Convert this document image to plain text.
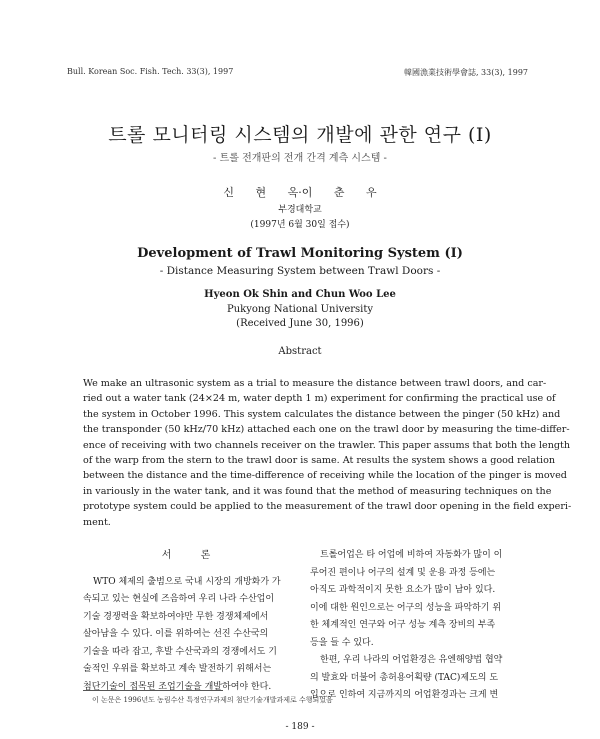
Bull. Korean Soc. Fish. Tech. 33(3), 1997	韓國漁業技術學會誌, 33(3), 1997
트롤 모니터링 시스템의 개발에 관한 연구 (Ⅰ)
- 트롤 전개판의 전개 간격 계측 시스템 -
신 현 옥·이 춘 우
부경대학교
(1997년 6월 30일 접수)
Development of Trawl Monitoring System (Ⅰ)
- Distance Measuring System between Trawl Doors -
Hyeon Ok Shin and Chun Woo Lee
Pukyong National University
(Received June 30, 1996)
Abstract
We make an ultrasonic system as a trial to measure the distance between trawl doors, and car-
ried out a water tank (24×24 m, water depth 1 m) experiment for confirming the practical use of
the system in October 1996. This system calculates the distance between the pinger (50 kHz) and
the transponder (50 kHz/70 kHz) attached each one on the trawl door by measuring the time-differ-
ence of receiving with two channels receiver on the trawler. This paper assums that both the length
of the warp from the stern to the trawl door is same. At results the system shows a good relation
between the distance and the time-difference of receiving while the location of the pinger is moved
in variously in the water tank, and it was found that the method of measuring techniques on the
prototype system could be applied to the measurement of the trawl door opening in the field experi-
ment.
서 론
WTO 체제의 출범으로 국내 시장의 개방화가 가
속되고 있는 현실에 즈음하여 우리 나라 수산업이
기술 경쟁력을 확보하여야만 무한 경쟁체제에서
살아남을 수 있다. 이를 위하여는 선진 수산국의
기술을 따라 잡고, 후발 수산국과의 경쟁에서도 기
술적인 우위를 확보하고 계속 발전하기 위해서는
첨단기술이 접목된 조업기술을 개발하여야 한다.
트롤어업은 타 어업에 비하여 자동화가 많이 이
루어진 편이나 어구의 설계 및 운용 과정 등에는
아직도 과학적이지 못한 요소가 많이 남아 있다.
이에 대한 원인으로는 어구의 성능을 파악하기 위
한 체계적인 연구와 어구 성능 계측 장비의 부족
등을 들 수 있다.
한편, 우리 나라의 어업환경은 유엔해양법 협약
의 발효와 더불어 총허용어획량 (TAC)제도의 도
입으로 인하여 지금까지의 어업환경과는 크게 변
이 논문은 1996년도 농림수산 특정연구과제의 첨단기술개발과제로 수행되었음
- 189 -
